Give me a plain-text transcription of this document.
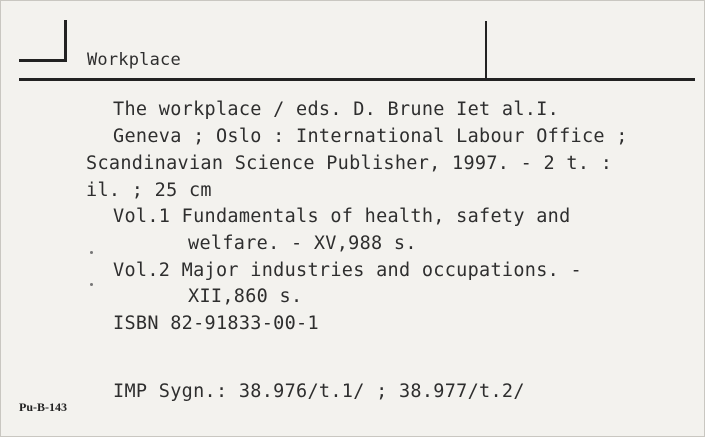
Workplace
The workplace / eds. D. Brune Iet al.I.
Geneva ; Oslo : International Labour Office ;
Scandinavian Science Publisher, 1997. - 2 t. :
il. ; 25 cm
Vol.1 Fundamentals of health, safety and
welfare. - XV,988 s.
Vol.2 Major industries and occupations. -
XII,860 s.
ISBN 82-91833-00-1
IMP Sygn.: 38.976/t.1/ ; 38.977/t.2/
Pu-B-143
